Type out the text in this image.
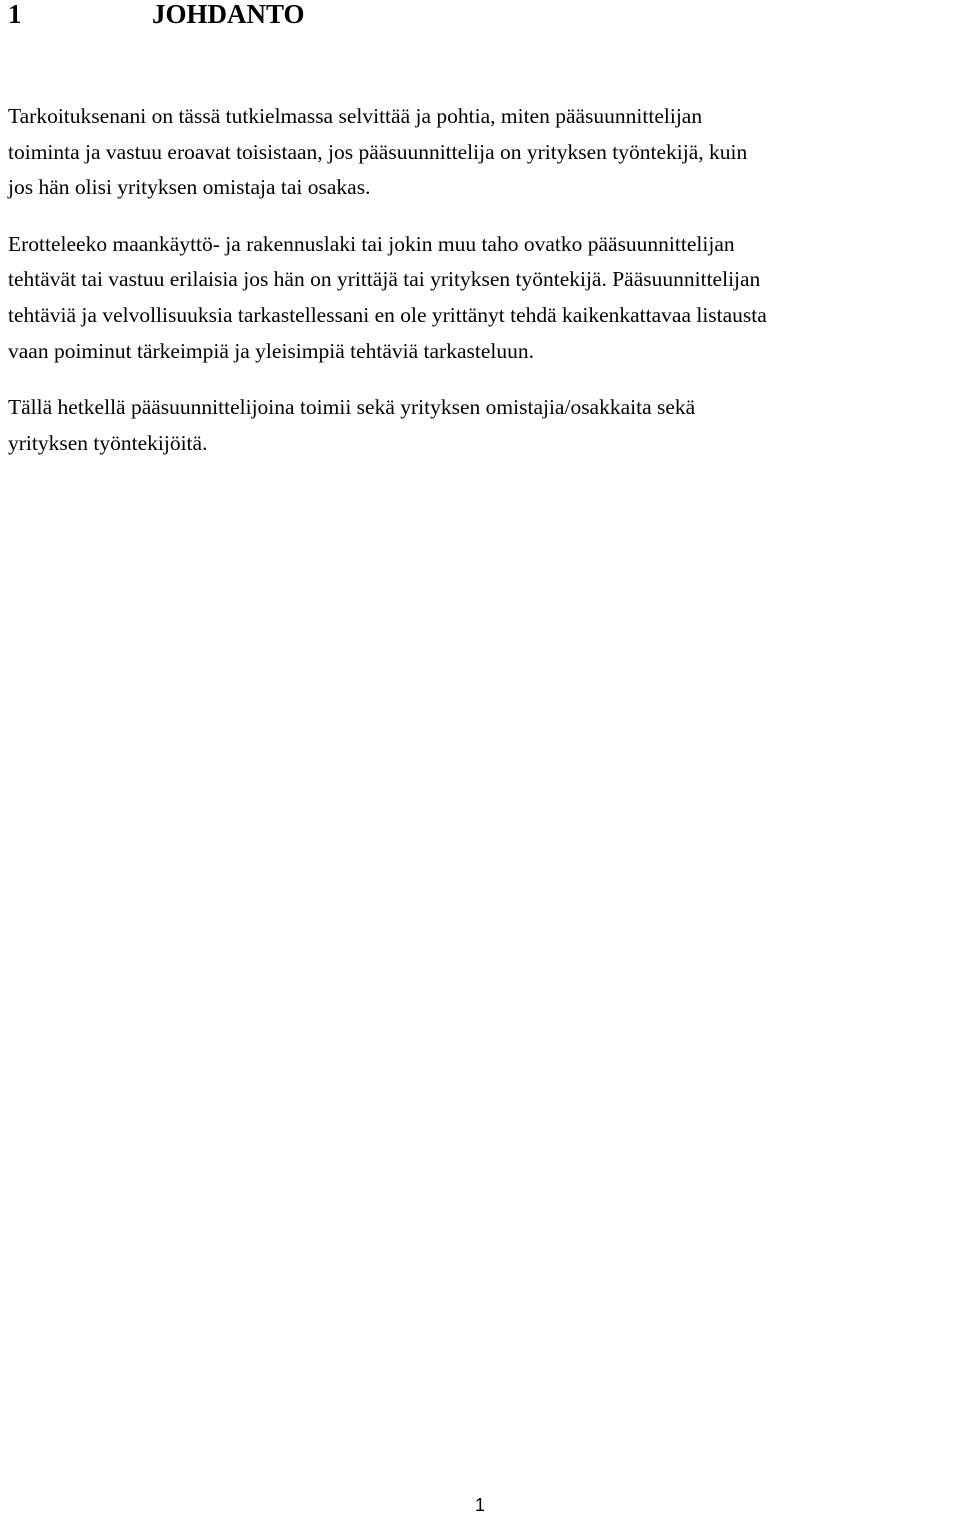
1	JOHDANTO

Tarkoituksenani on tässä tutkielmassa selvittää ja pohtia, miten pääsuunnittelijan
toiminta ja vastuu eroavat toisistaan, jos pääsuunnittelija on yrityksen työntekijä, kuin
jos hän olisi yrityksen omistaja tai osakas.

Erotteleeko maankäyttö- ja rakennuslaki tai jokin muu taho ovatko pääsuunnittelijan
tehtävät tai vastuu erilaisia jos hän on yrittäjä tai yrityksen työntekijä. Pääsuunnittelijan
tehtäviä ja velvollisuuksia tarkastellessani en ole yrittänyt tehdä kaikenkattavaa listausta
vaan poiminut tärkeimpiä ja yleisimpiä tehtäviä tarkasteluun.

Tällä hetkellä pääsuunnittelijoina toimii sekä yrityksen omistajia/osakkaita sekä
yrityksen työntekijöitä.

1
